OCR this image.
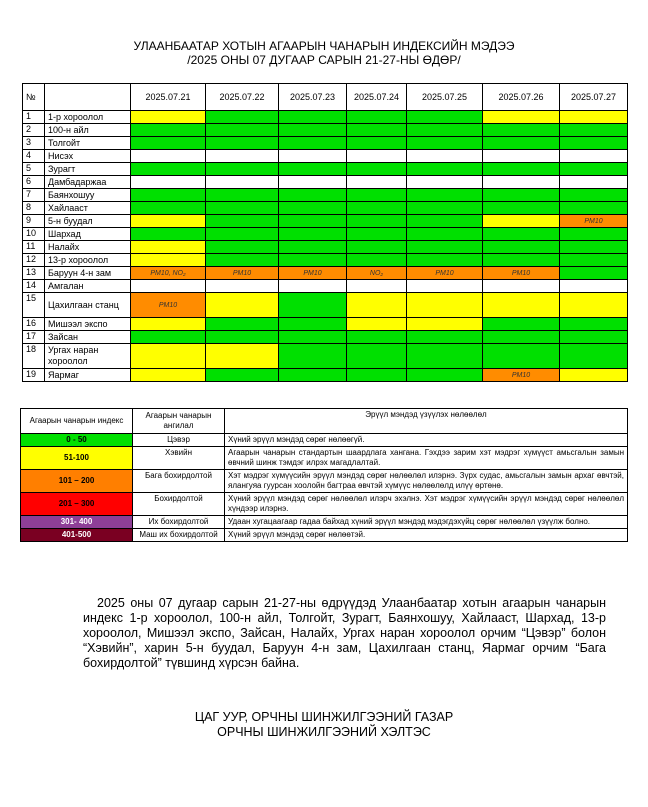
УЛААНБААТАР ХОТЫН АГААРЫН ЧАНАРЫН ИНДЕКСИЙН МЭДЭЭ
/2025 ОНЫ 07 ДУГААР САРЫН 21-27-НЫ ӨДӨР/
№		2025.07.21	2025.07.22	2025.07.23	2025.07.24	2025.07.25	2025.07.26	2025.07.27
1	1-р хороолол							
2	100-н айл							
3	Толгойт							
4	Нисэх							
5	Зурагт							
6	Дамбадаржаа							
7	Баянхошуу							
8	Хайлааст							
9	5-н буудал							PM10
10	Шархад							
11	Налайх							
12	13-р хороолол							
13	Баруун 4-н зам	PM10, NO₂	PM10	PM10	NO₂	PM10	PM10	
14	Амгалан							
15	Цахилгаан станц	PM10						
16	Мишээл экспо							
17	Зайсан							
18	Ургах наран хороолол							
19	Яармаг						PM10	
Агаарын чанарын индекс	Агаарын чанарын ангилал	Эрүүл мэндэд үзүүлэх нөлөөлөл
0 - 50	Цэвэр	Хүний эрүүл мэндэд сөрөг нөлөөгүй.
51-100	Хэвийн	Агаарын чанарын стандартын шаардлага хангана. Гэхдээ зарим хэт мэдрэг хүмүүст амьсгалын замын өвчний шинж тэмдэг илрэх магадлалтай.
101 – 200	Бага бохирдолтой	Хэт мэдрэг хүмүүсийн эрүүл мэндэд сөрөг нөлөөлөл илэрнэ. Зүрх судас, амьсгалын замын архаг өвчтэй, ялангуяа гуурсан хоолойн багтраа өвчтэй хүмүүс нөлөөлөлд илүү өртөнө.
201 – 300	Бохирдолтой	Хүний эрүүл мэндэд сөрөг нөлөөлөл илэрч эхэлнэ. Хэт мэдрэг хүмүүсийн эрүүл мэндэд сөрөг нөлөөлөл хүндээр илэрнэ.
301- 400	Их бохирдолтой	Удаан хугацаагаар гадаа байхад хүний эрүүл мэндэд мэдэгдэхүйц сөрөг нөлөөлөл үзүүлж болно.
401-500	Маш их бохирдолтой	Хүний эрүүл мэндэд сөрөг нөлөөтэй.
2025 оны 07 дугаар сарын 21-27-ны өдрүүдэд Улаанбаатар хотын агаарын чанарын индекс 1-р хороолол, 100-н айл, Толгойт, Зурагт, Баянхошуу, Хайлааст, Шархад, 13-р хороолол, Мишээл экспо, Зайсан, Налайх, Ургах наран хороолол орчим “Цэвэр” болон “Хэвийн”, харин 5-н буудал, Баруун 4-н зам, Цахилгаан станц, Яармаг орчим “Бага бохирдолтой” түвшинд хүрсэн байна.
ЦАГ УУР, ОРЧНЫ ШИНЖИЛГЭЭНИЙ ГАЗАР
ОРЧНЫ ШИНЖИЛГЭЭНИЙ ХЭЛТЭС
